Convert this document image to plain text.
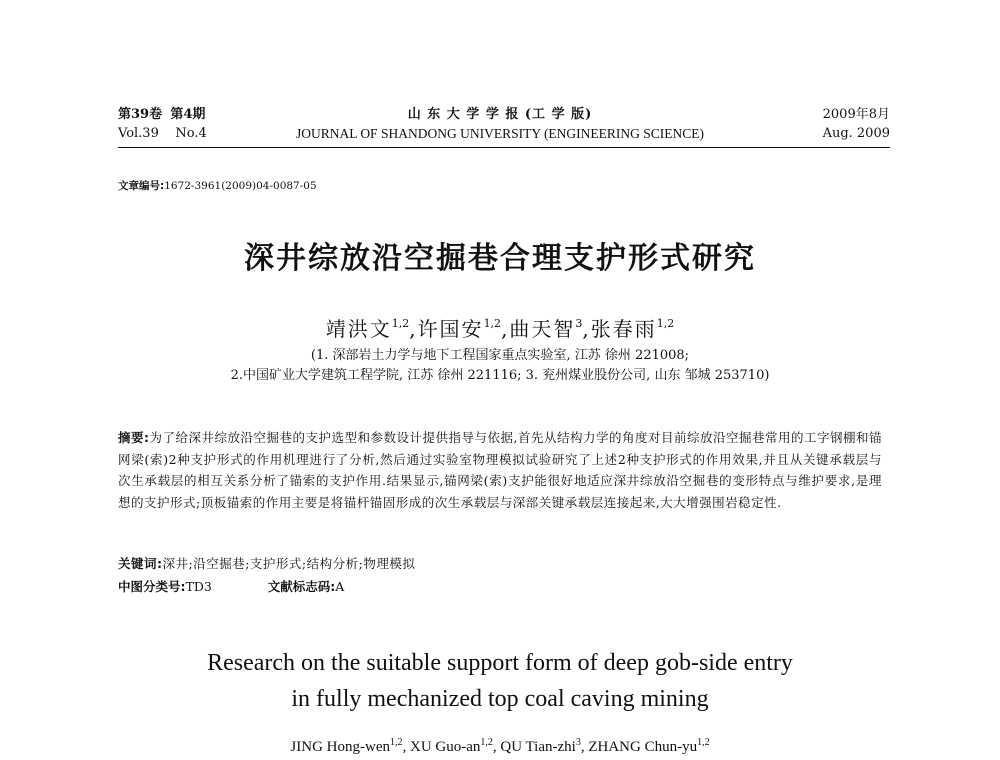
第39卷 第4期
Vol.39 No.4
山 东 大 学 学 报 (工 学 版)
JOURNAL OF SHANDONG UNIVERSITY (ENGINEERING SCIENCE)
2009年8月
Aug. 2009
文章编号:1672-3961(2009)04-0087-05
深井综放沿空掘巷合理支护形式研究
靖洪文$^{1,2}$,许国安$^{1,2}$,曲天智$^3$,张春雨$^{1,2}$
(1. 深部岩土力学与地下工程国家重点实验室, 江苏 徐州 221008;
2.中国矿业大学建筑工程学院, 江苏 徐州 221116; 3. 兖州煤业股份公司, 山东 邹城 253710)
摘要:为了给深井综放沿空掘巷的支护选型和参数设计提供指导与依据,首先从结构力学的角度对目前综放沿空掘巷常用的工字钢棚和锚网梁(索)2种支护形式的作用机理进行了分析,然后通过实验室物理模拟试验研究了上述2种支护形式的作用效果,并且从关键承载层与次生承载层的相互关系分析了锚索的支护作用.结果显示,锚网梁(索)支护能很好地适应深井综放沿空掘巷的变形特点与维护要求,是理想的支护形式;顶板锚索的作用主要是将锚杆锚固形成的次生承载层与深部关键承载层连接起来,大大增强围岩稳定性.
关键词:深井;沿空掘巷;支护形式;结构分析;物理模拟
中图分类号:TD3	文献标志码:A
Research on the suitable support form of deep gob-side entry
in fully mechanized top coal caving mining
JING Hong-wen$^{1,2}$, XU Guo-an$^{1,2}$, QU Tian-zhi$^3$, ZHANG Chun-yu$^{1,2}$
